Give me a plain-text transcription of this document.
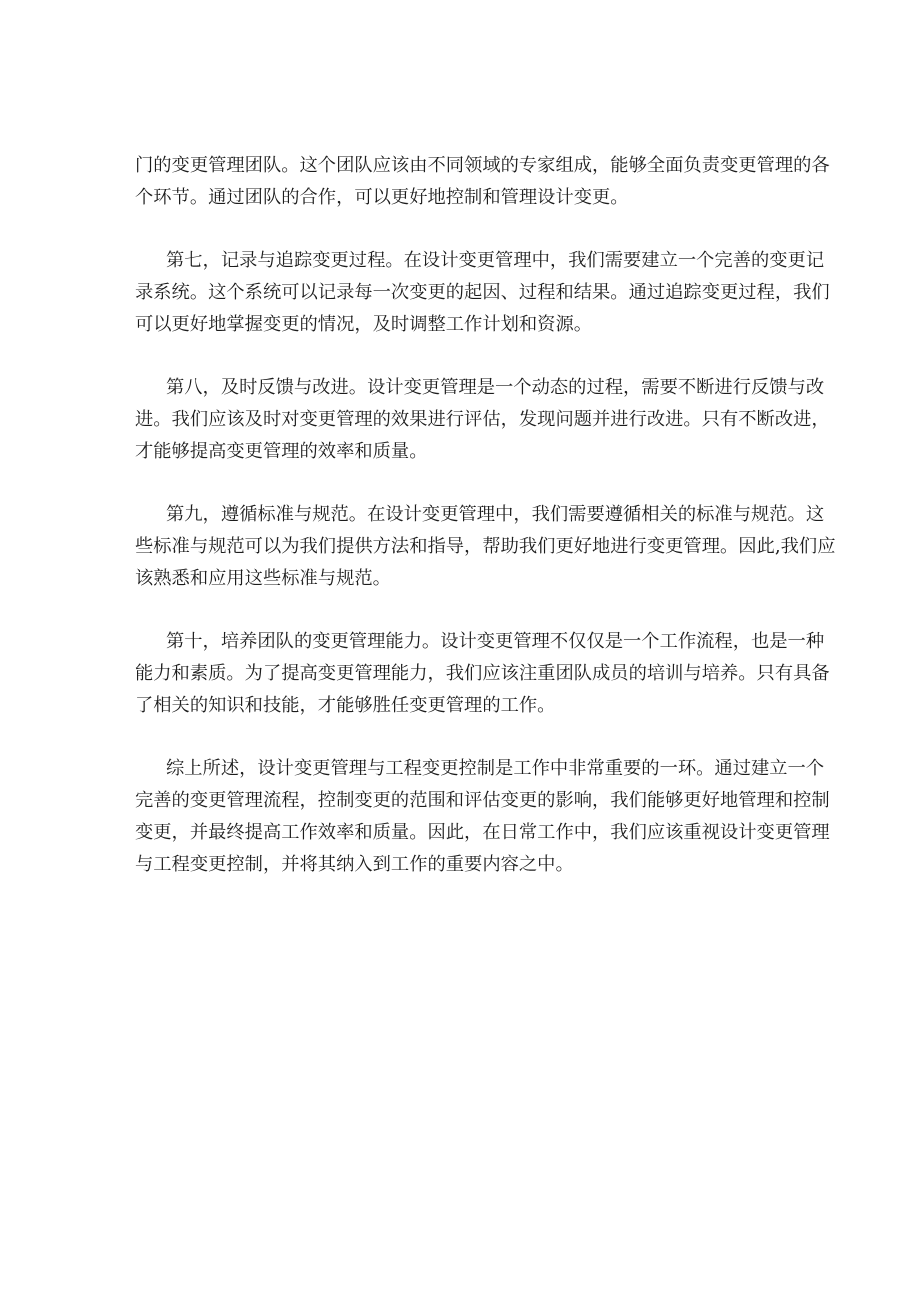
门的变更管理团队。这个团队应该由不同领域的专家组成，能够全面负责变更管理的各
个环节。通过团队的合作，可以更好地控制和管理设计变更。

第七，记录与追踪变更过程。在设计变更管理中，我们需要建立一个完善的变更记
录系统。这个系统可以记录每一次变更的起因、过程和结果。通过追踪变更过程，我们
可以更好地掌握变更的情况，及时调整工作计划和资源。

第八，及时反馈与改进。设计变更管理是一个动态的过程，需要不断进行反馈与改
进。我们应该及时对变更管理的效果进行评估，发现问题并进行改进。只有不断改进，
才能够提高变更管理的效率和质量。

第九，遵循标准与规范。在设计变更管理中，我们需要遵循相关的标准与规范。这
些标准与规范可以为我们提供方法和指导，帮助我们更好地进行变更管理。因此,我们应
该熟悉和应用这些标准与规范。

第十，培养团队的变更管理能力。设计变更管理不仅仅是一个工作流程，也是一种
能力和素质。为了提高变更管理能力，我们应该注重团队成员的培训与培养。只有具备
了相关的知识和技能，才能够胜任变更管理的工作。

综上所述，设计变更管理与工程变更控制是工作中非常重要的一环。通过建立一个
完善的变更管理流程，控制变更的范围和评估变更的影响，我们能够更好地管理和控制
变更，并最终提高工作效率和质量。因此，在日常工作中，我们应该重视设计变更管理
与工程变更控制，并将其纳入到工作的重要内容之中。
